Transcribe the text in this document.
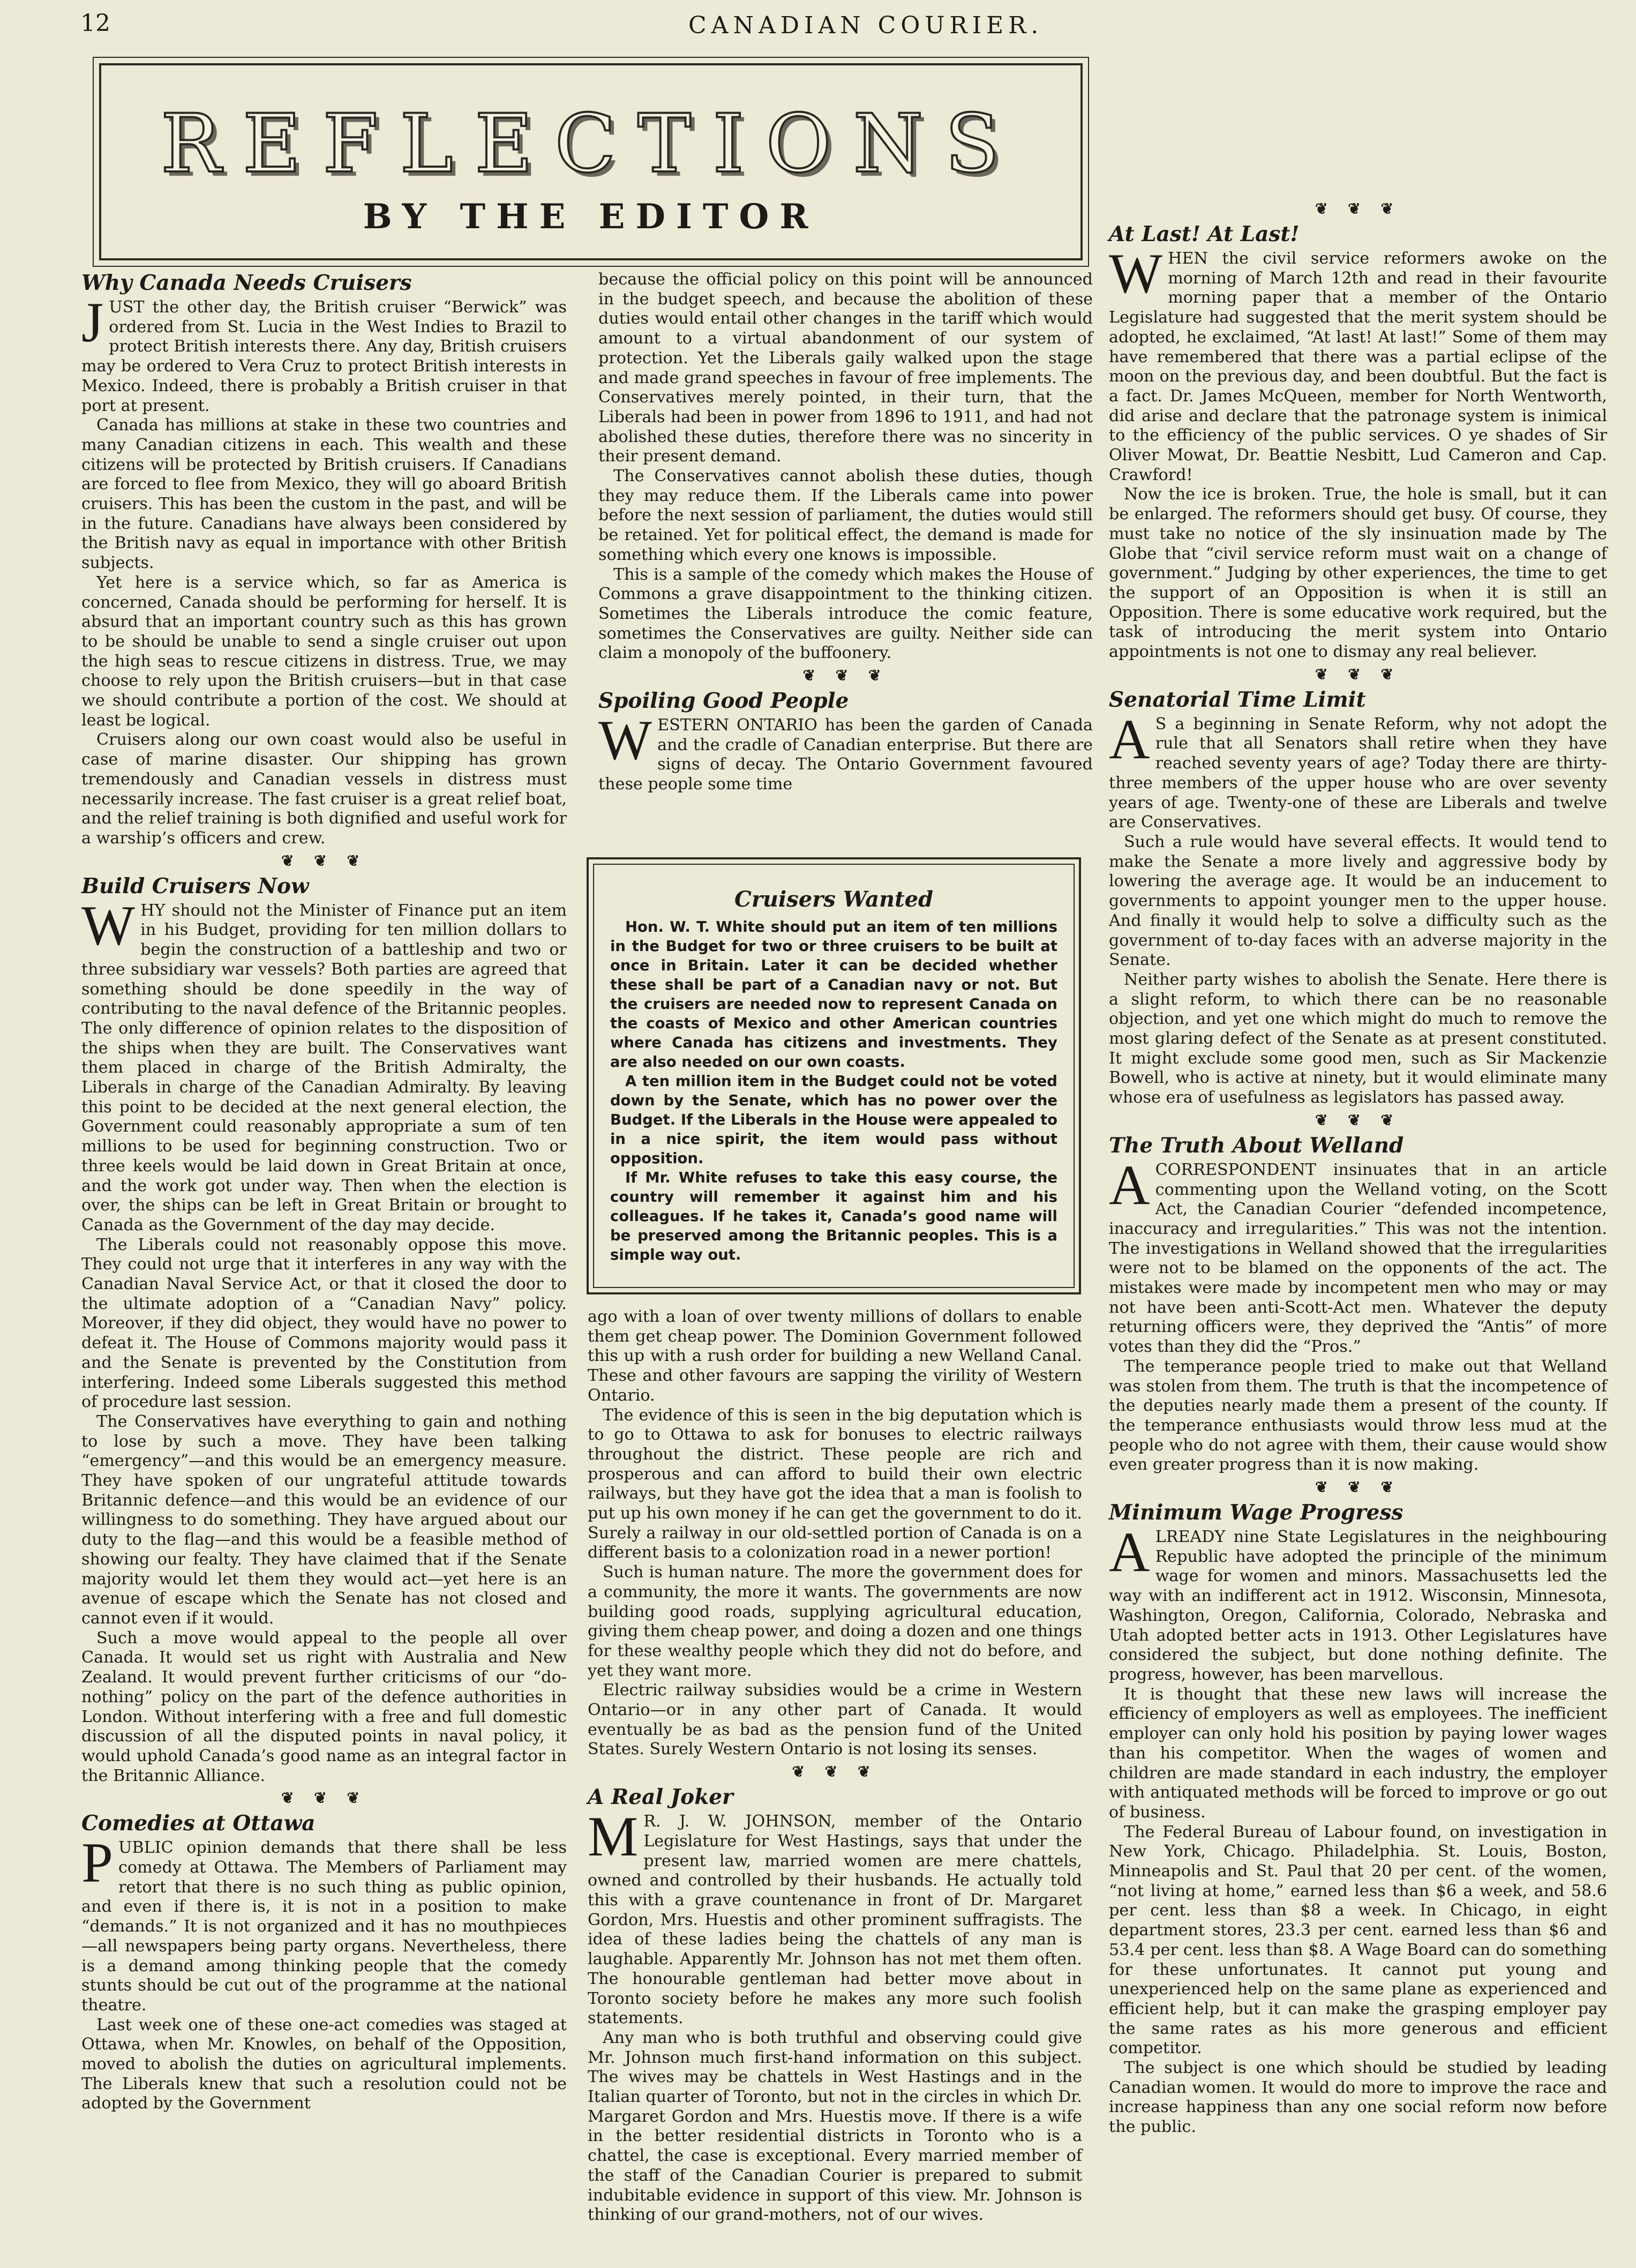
12	CANADIAN COURIER.
REFLECTIONS
BY THE EDITOR
Why Canada Needs Cruisers

JUST the other day, the British cruiser “Berwick” was ordered from St. Lucia in the West Indies to Brazil to protect British interests there. Any day, British cruisers may be ordered to Vera Cruz to protect British interests in Mexico. Indeed, there is probably a British cruiser in that port at present.

Canada has millions at stake in these two countries and many Canadian citizens in each. This wealth and these citizens will be protected by British cruisers. If Canadians are forced to flee from Mexico, they will go aboard British cruisers. This has been the custom in the past, and will be in the future. Canadians have always been considered by the British navy as equal in importance with other British subjects.

Yet here is a service which, so far as America is concerned, Canada should be performing for herself. It is absurd that an important country such as this has grown to be should be unable to send a single cruiser out upon the high seas to rescue citizens in distress. True, we may choose to rely upon the British cruisers—but in that case we should contribute a portion of the cost. We should at least be logical.

Cruisers along our own coast would also be useful in case of marine disaster. Our shipping has grown tremendously and Canadian vessels in distress must necessarily increase. The fast cruiser is a great relief boat, and the relief training is both dignified and useful work for a warship’s officers and crew.

❦ ❦ ❦
Build Cruisers Now

WHY should not the Minister of Finance put an item in his Budget, providing for ten million dollars to begin the construction of a battleship and two or three subsidiary war vessels? Both parties are agreed that something should be done speedily in the way of contributing to the naval defence of the Britannic peoples. The only difference of opinion relates to the disposition of the ships when they are built. The Conservatives want them placed in charge of the British Admiralty, the Liberals in charge of the Canadian Admiralty. By leaving this point to be decided at the next general election, the Government could reasonably appropriate a sum of ten millions to be used for beginning construction. Two or three keels would be laid down in Great Britain at once, and the work got under way. Then when the election is over, the ships can be left in Great Britain or brought to Canada as the Government of the day may decide.

The Liberals could not reasonably oppose this move. They could not urge that it interferes in any way with the Canadian Naval Service Act, or that it closed the door to the ultimate adoption of a “Canadian Navy” policy. Moreover, if they did object, they would have no power to defeat it. The House of Commons majority would pass it and the Senate is prevented by the Constitution from interfering. Indeed some Liberals suggested this method of procedure last session.

The Conservatives have everything to gain and nothing to lose by such a move. They have been talking “emergency”—and this would be an emergency measure. They have spoken of our ungrateful attitude towards Britannic defence—and this would be an evidence of our willingness to do something. They have argued about our duty to the flag—and this would be a feasible method of showing our fealty. They have claimed that if the Senate majority would let them they would act—yet here is an avenue of escape which the Senate has not closed and cannot even if it would.

Such a move would appeal to the people all over Canada. It would set us right with Australia and New Zealand. It would prevent further criticisms of our “do-nothing” policy on the part of the defence authorities in London. Without interfering with a free and full domestic discussion of all the disputed points in naval policy, it would uphold Canada’s good name as an integral factor in the Britannic Alliance.

❦ ❦ ❦
Comedies at Ottawa

PUBLIC opinion demands that there shall be less comedy at Ottawa. The Members of Parliament may retort that there is no such thing as public opinion, and even if there is, it is not in a position to make “demands.” It is not organized and it has no mouthpieces—all newspapers being party organs. Nevertheless, there is a demand among thinking people that the comedy stunts should be cut out of the programme at the national theatre.

Last week one of these one-act comedies was staged at Ottawa, when Mr. Knowles, on behalf of the Opposition, moved to abolish the duties on agricultural implements. The Liberals knew that such a resolution could not be adopted by the Government

because the official policy on this point will be announced in the budget speech, and because the abolition of these duties would entail other changes in the tariff which would amount to a virtual abandonment of our system of protection. Yet the Liberals gaily walked upon the stage and made grand speeches in favour of free implements. The Conservatives merely pointed, in their turn, that the Liberals had been in power from 1896 to 1911, and had not abolished these duties, therefore there was no sincerity in their present demand.

The Conservatives cannot abolish these duties, though they may reduce them. If the Liberals came into power before the next session of parliament, the duties would still be retained. Yet for political effect, the demand is made for something which every one knows is impossible.

This is a sample of the comedy which makes the House of Commons a grave disappointment to the thinking citizen. Sometimes the Liberals introduce the comic feature, sometimes the Conservatives are guilty. Neither side can claim a monopoly of the buffoonery.

❦ ❦ ❦
Spoiling Good People

WESTERN ONTARIO has been the garden of Canada and the cradle of Canadian enterprise. But there are signs of decay. The Ontario Government favoured these people some time

Cruisers Wanted

Hon. W. T. White should put an item of ten millions in the Budget for two or three cruisers to be built at once in Britain. Later it can be decided whether these shall be part of a Canadian navy or not. But the cruisers are needed now to represent Canada on the coasts of Mexico and other American countries where Canada has citizens and investments. They are also needed on our own coasts.

A ten million item in the Budget could not be voted down by the Senate, which has no power over the Budget. If the Liberals in the House were appealed to in a nice spirit, the item would pass without opposition.

If Mr. White refuses to take this easy course, the country will remember it against him and his colleagues. If he takes it, Canada’s good name will be preserved among the Britannic peoples. This is a simple way out.

ago with a loan of over twenty millions of dollars to enable them get cheap power. The Dominion Government followed this up with a rush order for building a new Welland Canal. These and other favours are sapping the virility of Western Ontario.

The evidence of this is seen in the big deputation which is to go to Ottawa to ask for bonuses to electric railways throughout the district. These people are rich and prosperous and can afford to build their own electric railways, but they have got the idea that a man is foolish to put up his own money if he can get the government to do it. Surely a railway in our old-settled portion of Canada is on a different basis to a colonization road in a newer portion!

Such is human nature. The more the government does for a community, the more it wants. The governments are now building good roads, supplying agricultural education, giving them cheap power, and doing a dozen and one things for these wealthy people which they did not do before, and yet they want more.

Electric railway subsidies would be a crime in Western Ontario—or in any other part of Canada. It would eventually be as bad as the pension fund of the United States. Surely Western Ontario is not losing its senses.

❦ ❦ ❦
A Real Joker

M R. J. W. JOHNSON, member of the Ontario Legislature for West Hastings, says that under the present law, married women are mere chattels, owned and controlled by their husbands. He actually told this with a grave countenance in front of Dr. Margaret Gordon, Mrs. Huestis and other prominent suffragists. The idea of these ladies being the chattels of any man is laughable. Apparently Mr. Johnson has not met them often. The honourable gentleman had better move about in Toronto society before he makes any more such foolish statements.

Any man who is both truthful and observing could give Mr. Johnson much first-hand information on this subject. The wives may be chattels in West Hastings and in the Italian quarter of Toronto, but not in the circles in which Dr. Margaret Gordon and Mrs. Huestis move. If there is a wife in the better residential districts in Toronto who is a chattel, the case is exceptional. Every married member of the staff of the Canadian Courier is prepared to submit indubitable evidence in support of this view. Mr. Johnson is thinking of our grand-mothers, not of our wives.

❦ ❦ ❦
At Last! At Last!

WHEN the civil service reformers awoke on the morning of March 12th and read in their favourite morning paper that a member of the Ontario Legislature had suggested that the merit system should be adopted, he exclaimed, “At last! At last!” Some of them may have remembered that there was a partial eclipse of the moon on the previous day, and been doubtful. But the fact is a fact. Dr. James McQueen, member for North Wentworth, did arise and declare that the patronage system is inimical to the efficiency of the public services. O ye shades of Sir Oliver Mowat, Dr. Beattie Nesbitt, Lud Cameron and Cap. Crawford!

Now the ice is broken. True, the hole is small, but it can be enlarged. The reformers should get busy. Of course, they must take no notice of the sly insinuation made by The Globe that “civil service reform must wait on a change of government.” Judging by other experiences, the time to get the support of an Opposition is when it is still an Opposition. There is some educative work required, but the task of introducing the merit system into Ontario appointments is not one to dismay any real believer.

❦ ❦ ❦
Senatorial Time Limit

A S a beginning in Senate Reform, why not adopt the rule that all Senators shall retire when they have reached seventy years of age? Today there are thirty-three members of the upper house who are over seventy years of age. Twenty-one of these are Liberals and twelve are Conservatives.

Such a rule would have several effects. It would tend to make the Senate a more lively and aggressive body by lowering the average age. It would be an inducement to governments to appoint younger men to the upper house. And finally it would help to solve a difficulty such as the government of to-day faces with an adverse majority in the Senate.

Neither party wishes to abolish the Senate. Here there is a slight reform, to which there can be no reasonable objection, and yet one which might do much to remove the most glaring defect of the Senate as at present constituted. It might exclude some good men, such as Sir Mackenzie Bowell, who is active at ninety, but it would eliminate many whose era of usefulness as legislators has passed away.

❦ ❦ ❦
The Truth About Welland

ACORRESPONDENT insinuates that in an article commenting upon the Welland voting, on the Scott Act, the Canadian Courier “defended incompetence, inaccuracy and irregularities.” This was not the intention. The investigations in Welland showed that the irregularities were not to be blamed on the opponents of the act. The mistakes were made by incompetent men who may or may not have been anti-Scott-Act men. Whatever the deputy returning officers were, they deprived the “Antis” of more votes than they did the “Pros.”

The temperance people tried to make out that Welland was stolen from them. The truth is that the incompetence of the deputies nearly made them a present of the county. If the temperance enthusiasts would throw less mud at the people who do not agree with them, their cause would show even greater progress than it is now making.

❦ ❦ ❦
Minimum Wage Progress

ALREADY nine State Legislatures in the neighbouring Republic have adopted the principle of the minimum wage for women and minors. Massachusetts led the way with an indifferent act in 1912. Wisconsin, Minnesota, Washington, Oregon, California, Colorado, Nebraska and Utah adopted better acts in 1913. Other Legislatures have considered the subject, but done nothing definite. The progress, however, has been marvellous.

It is thought that these new laws will increase the efficiency of employers as well as employees. The inefficient employer can only hold his position by paying lower wages than his competitor. When the wages of women and children are made standard in each industry, the employer with antiquated methods will be forced to improve or go out of business.

The Federal Bureau of Labour found, on investigation in New York, Chicago. Philadelphia. St. Louis, Boston, Minneapolis and St. Paul that 20 per cent. of the women, “not living at home,” earned less than $6 a week, and 58.6 per cent. less than $8 a week. In Chicago, in eight department stores, 23.3 per cent. earned less than $6 and 53.4 per cent. less than $8. A Wage Board can do something for these unfortunates. It cannot put young and unexperienced help on the same plane as experienced and efficient help, but it can make the grasping employer pay the same rates as his more generous and efficient competitor.

The subject is one which should be studied by leading Canadian women. It would do more to improve the race and increase happiness than any one social reform now before the public.
